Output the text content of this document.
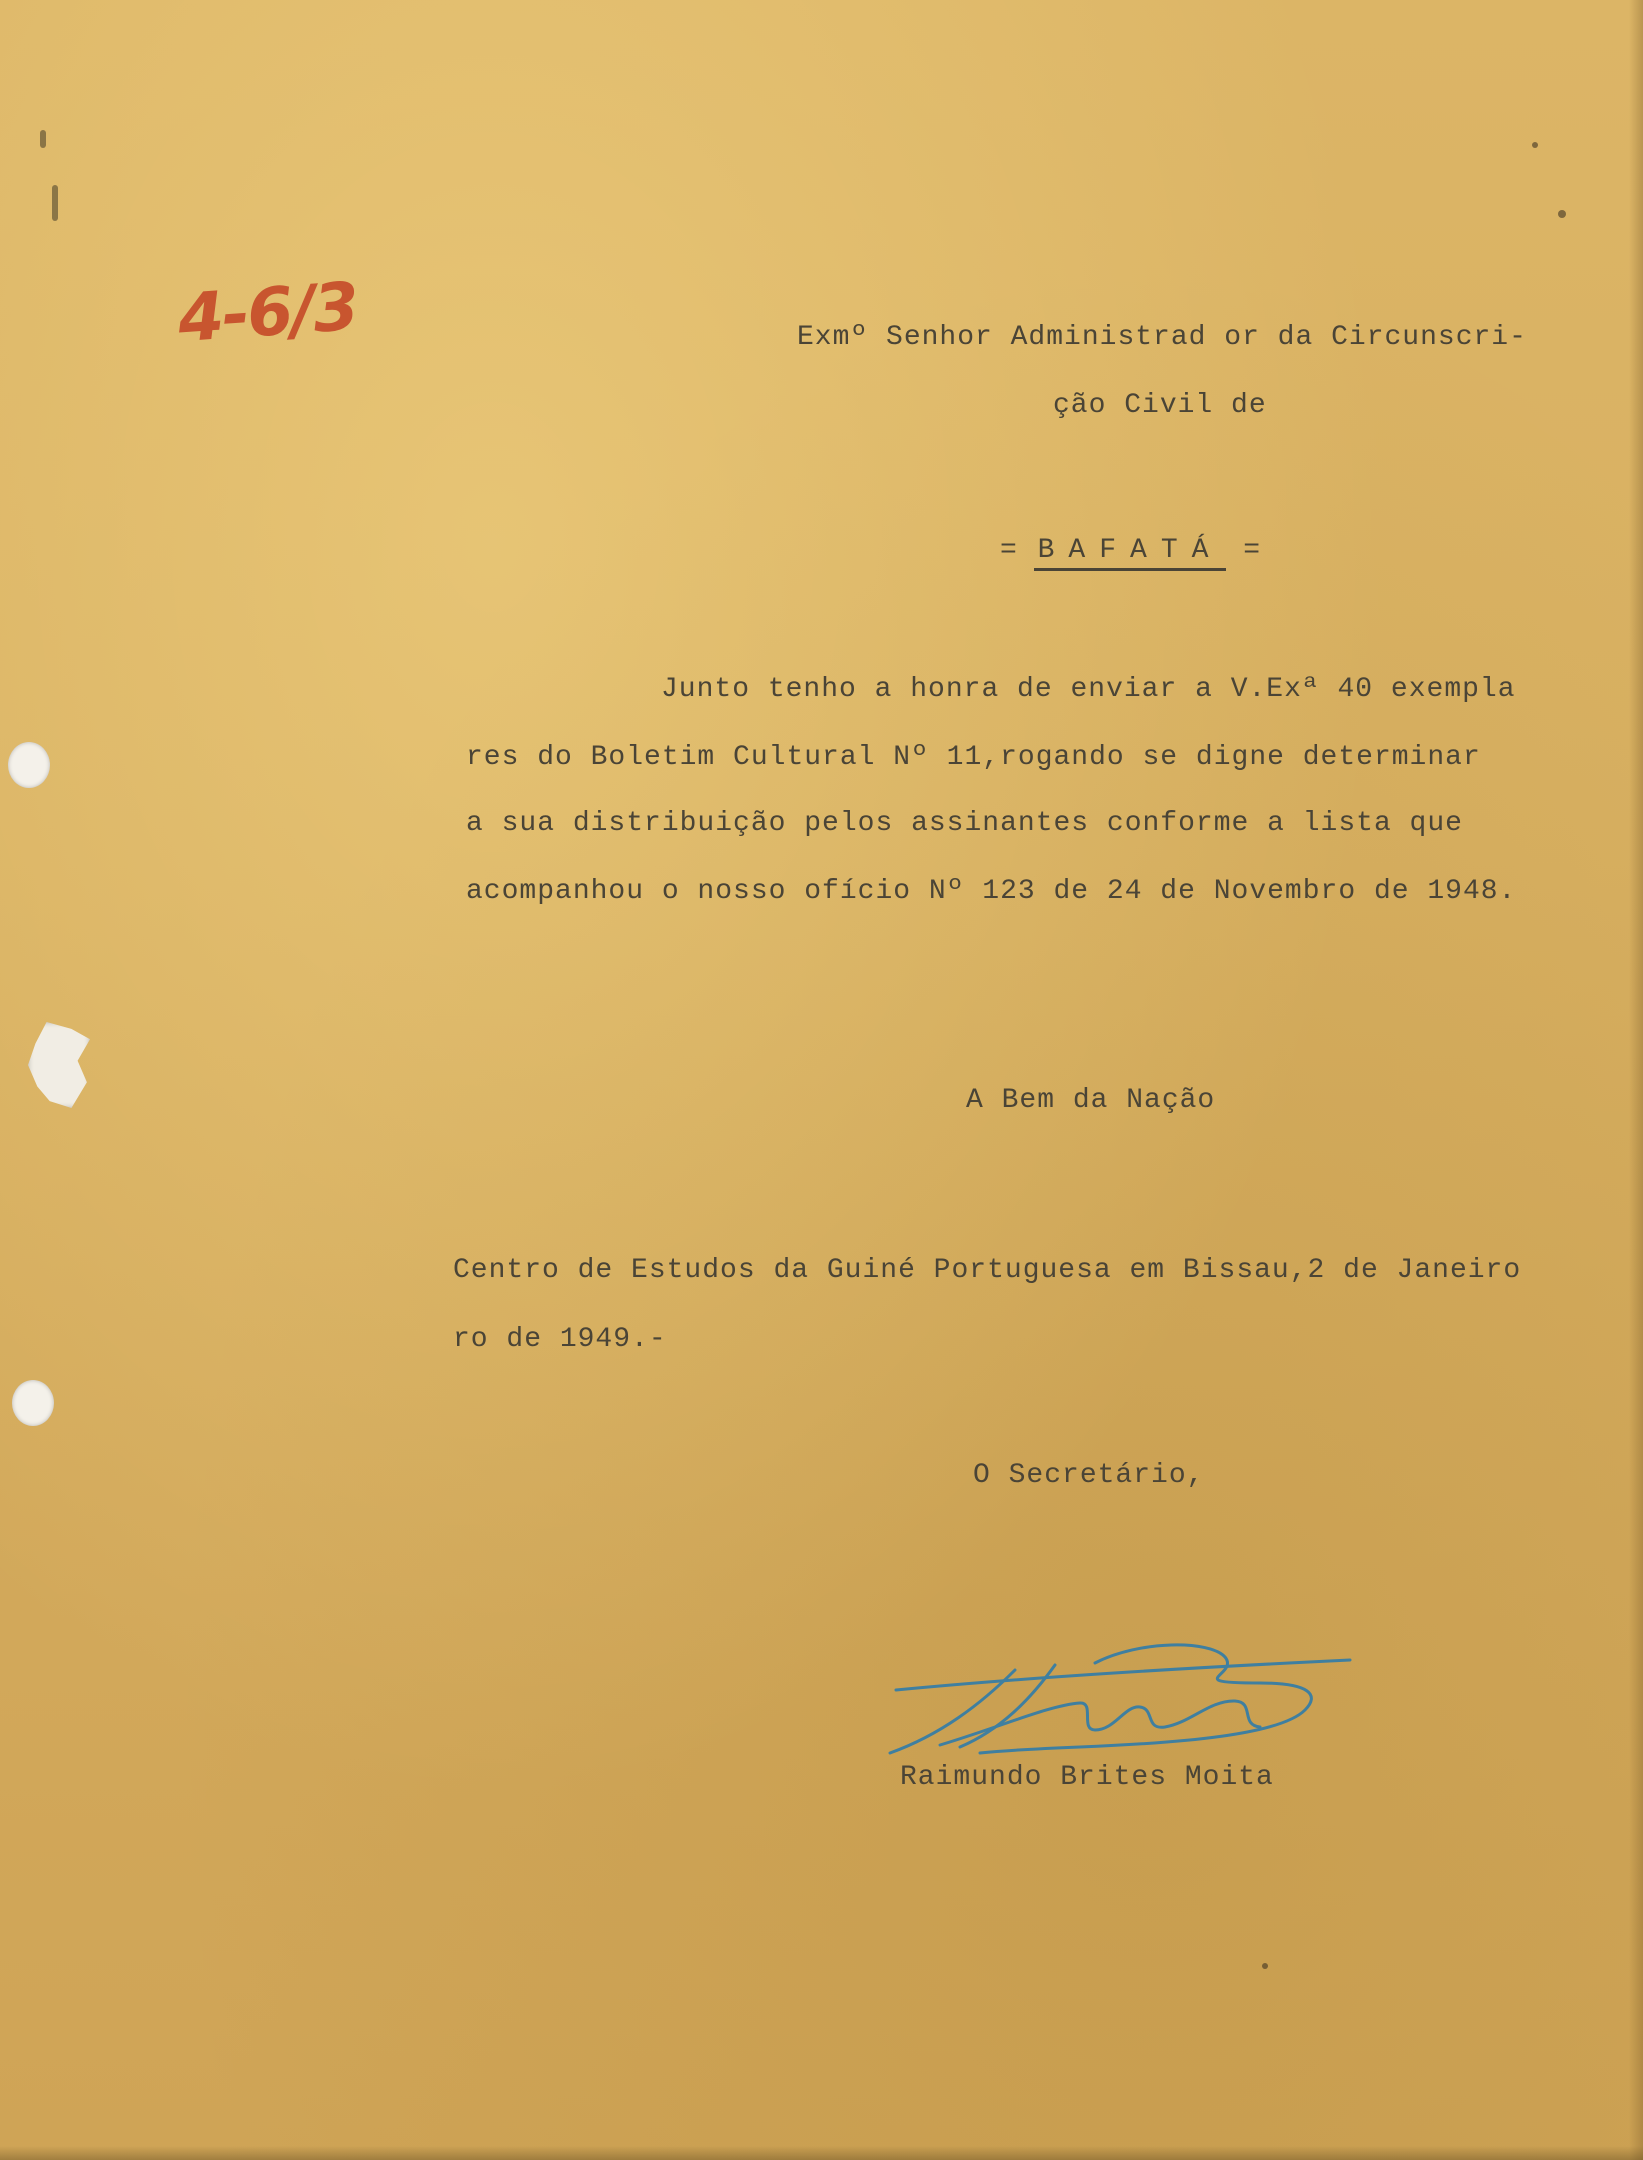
4-6/3	Exmº Senhor Administrad or da Circunscri-
ção Civil de
= BAFATÁ =
Junto tenho a honra de enviar a V.Exª 40 exempla
res do Boletim Cultural Nº 11,rogando se digne determinar
a sua distribuição pelos assinantes conforme a lista que
acompanhou o nosso ofício Nº 123 de 24 de Novembro de 1948.
A Bem da Nação
Centro de Estudos da Guiné Portuguesa em Bissau,2 de Janeiro
ro de 1949.-
O Secretário,
Raimundo Brites Moita
